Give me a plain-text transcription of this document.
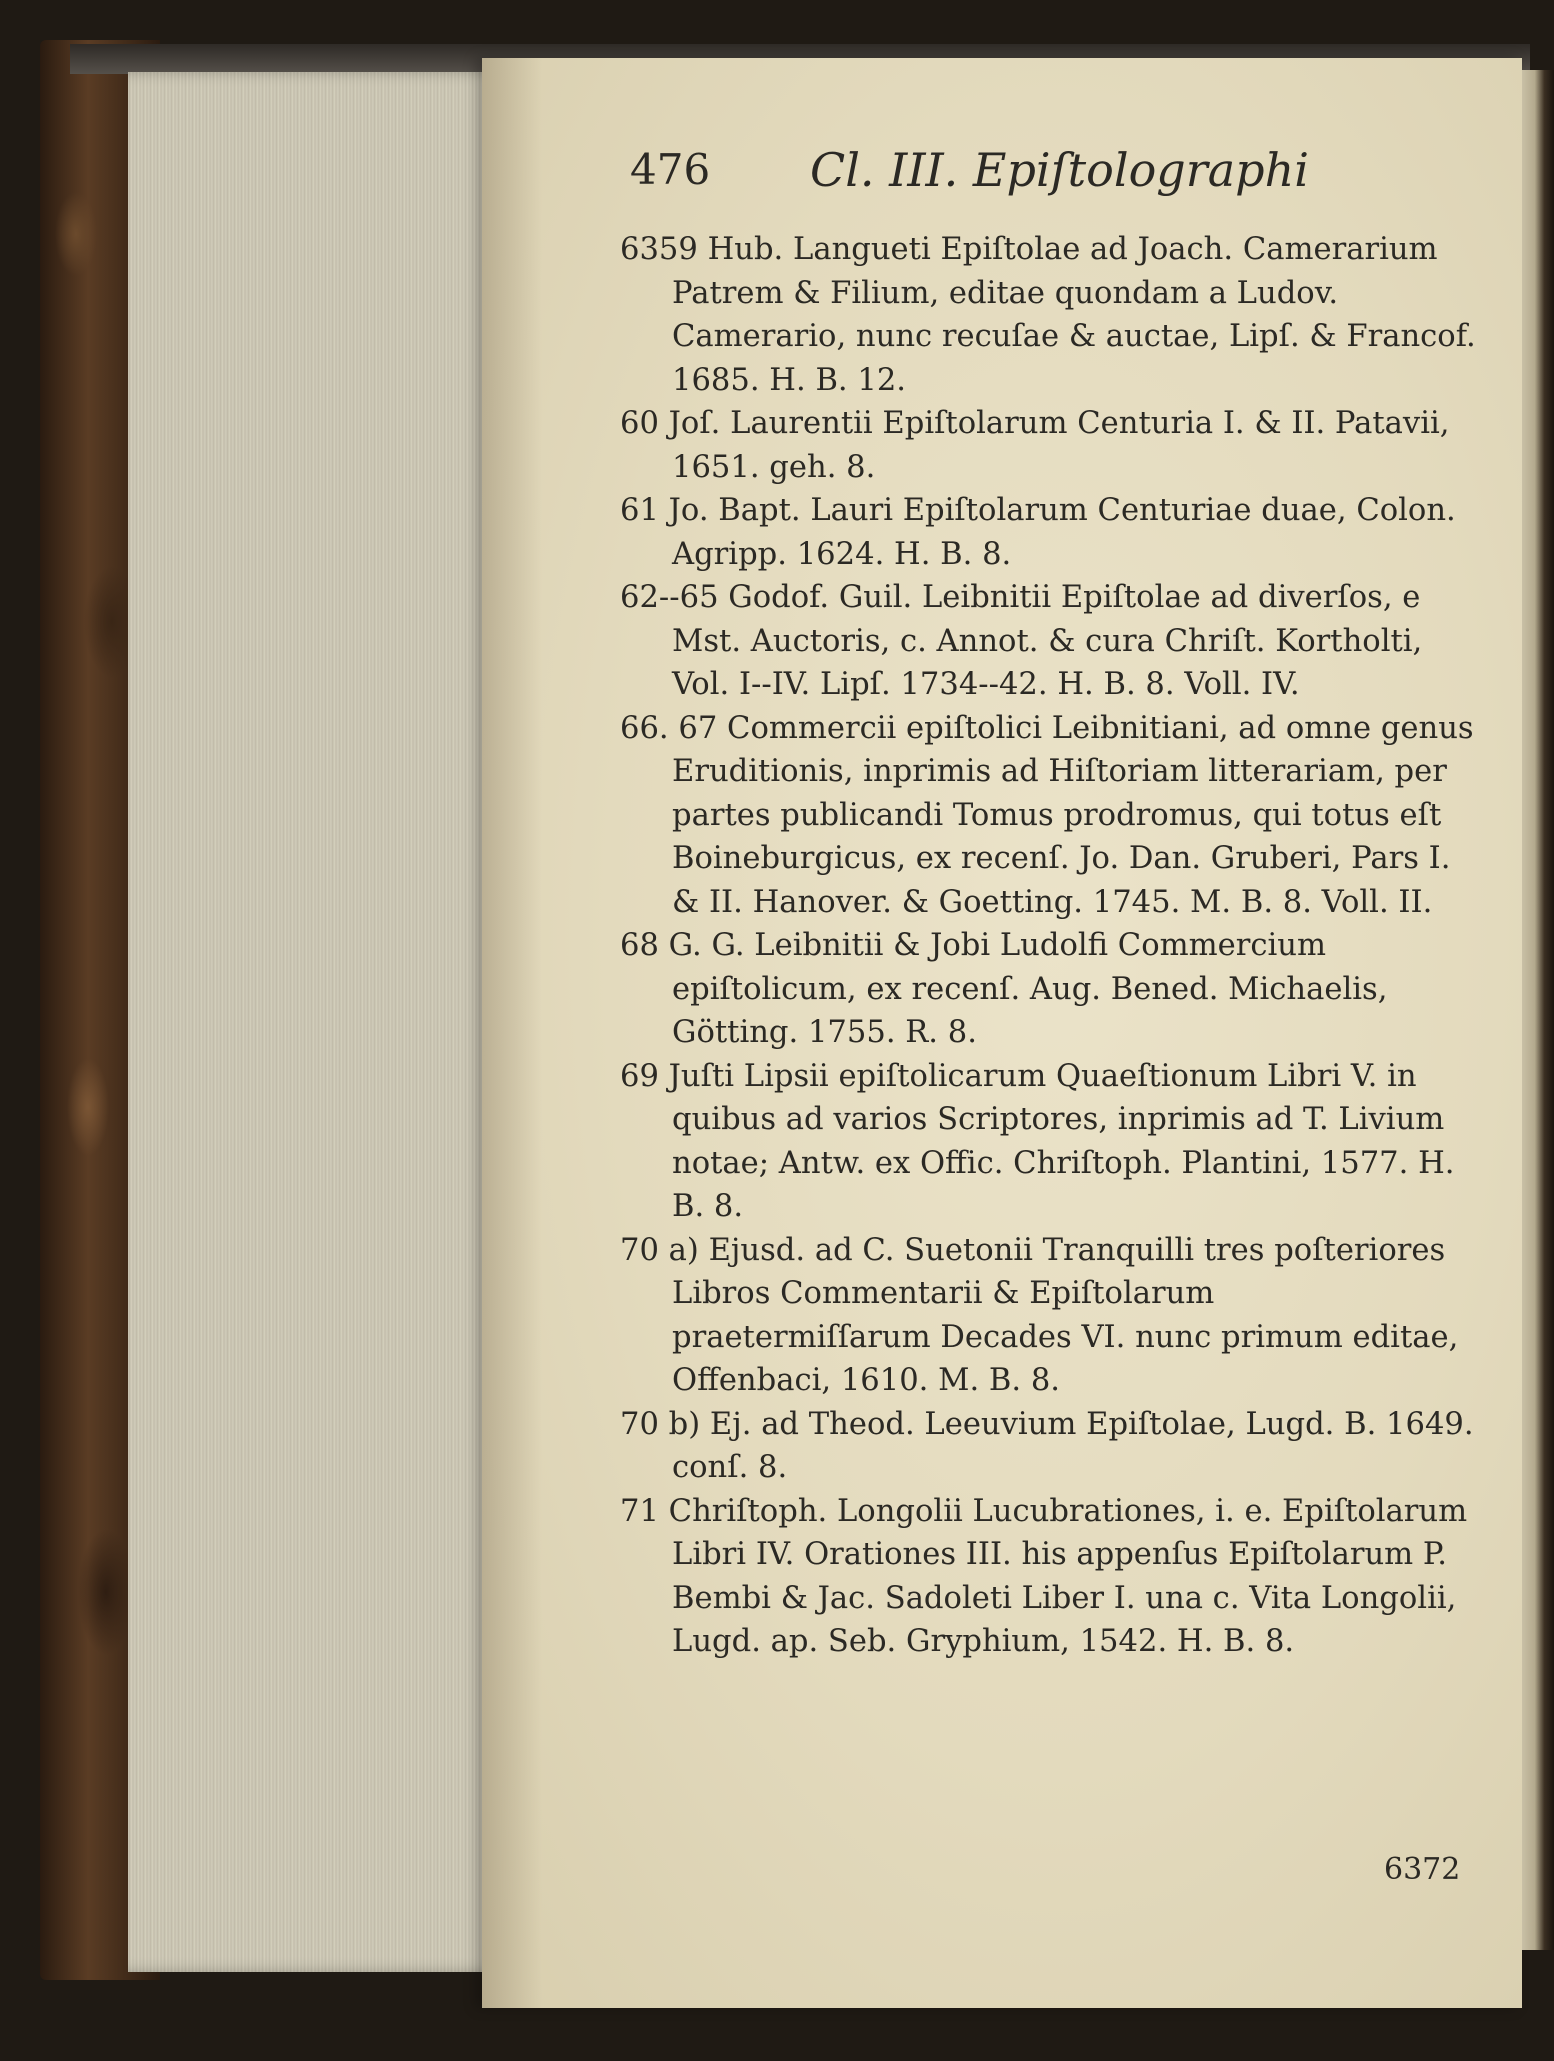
476 Cl. III. Epiſtolographi

6359 Hub. Langueti Epiſtolae ad Joach. Camerarium Patrem & Filium, editae quondam a Ludov. Camerario, nunc recuſae & auctae, Lipſ. & Francof. 1685. H. B. 12.

60 Joſ. Laurentii Epiſtolarum Centuria I. & II. Patavii, 1651. geh. 8.

61 Jo. Bapt. Lauri Epiſtolarum Centuriae duae, Colon. Agripp. 1624. H. B. 8.

62--65 Godof. Guil. Leibnitii Epiſtolae ad diverſos, e Mst. Auctoris, c. Annot. & cura Chriſt. Kortholti, Vol. I--IV. Lipſ. 1734--42. H. B. 8. Voll. IV.

66. 67 Commercii epiſtolici Leibnitiani, ad omne genus Eruditionis, inprimis ad Hiſtoriam litterariam, per partes publicandi Tomus prodromus, qui totus eſt Boineburgicus, ex recenſ. Jo. Dan. Gruberi, Pars I. & II. Hanover. & Goetting. 1745. M. B. 8. Voll. II.

68 G. G. Leibnitii & Jobi Ludolfi Commercium epiſtolicum, ex recenſ. Aug. Bened. Michaelis, Götting. 1755. R. 8.

69 Juſti Lipsii epiſtolicarum Quaeſtionum Libri V. in quibus ad varios Scriptores, inprimis ad T. Livium notae; Antw. ex Offic. Chriſtoph. Plantini, 1577. H. B. 8.

70 a) Ejusd. ad C. Suetonii Tranquilli tres poſteriores Libros Commentarii & Epiſtolarum praetermiſſarum Decades VI. nunc primum editae, Offenbaci, 1610. M. B. 8.

70 b) Ej. ad Theod. Leeuvium Epiſtolae, Lugd. B. 1649. conſ. 8.

71 Chriſtoph. Longolii Lucubrationes, i. e. Epiſtolarum Libri IV. Orationes III. his appenſus Epiſtolarum P. Bembi & Jac. Sadoleti Liber I. una c. Vita Longolii, Lugd. ap. Seb. Gryphium, 1542. H. B. 8.

6372
